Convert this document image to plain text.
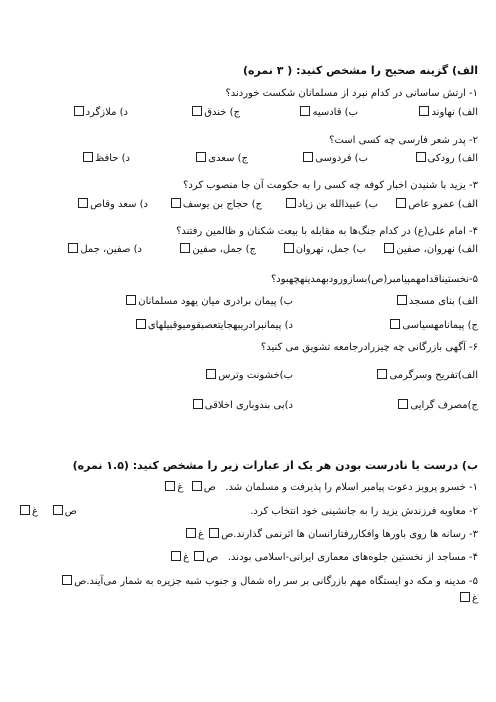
الف) گزینه صحیح را مشخص کنید: ( ۳ نمره)
۱- ارتش ساسانی در کدام نبرد از مسلمانان شکست خوردند؟
الف) نهاوند
ب) قادسیه
ج) خندق
د) ملازگرد
۲- پدر شعر فارسی چه کسی است؟
الف) رودکی
ب) فردوسی
ج) سعدی
د) حافظ
۳- یزید با شنیدن اخبار کوفه چه کسی را به حکومت آن جا منصوب کرد؟
الف) عمرو عاص
ب) عبیدالله بن زیاد
ج) حجاج بن یوسف
د) سعد وقاص
۴- امام علی(ع) در کدام جنگ‌ها به مقابله با بیعت شکنان و ظالمین رفتند؟
الف) نهروان، صفین
ب) جمل، نهروان
ج) جمل، صفین
د) صفین، جمل
۵-نخستیناقدامهمپیامبر(ص)بسازورودبهمدینهچهبود؟
الف) بنای مسجد
ب) پیمان برادری میان یهود مسلمانان
ج) پیمانامهسیاسی
د) پیمانبرادریبهجایتعصبقومیوقبیلهای
۶- آگهی بازرگانی چه چیزرادرجامعه تشویق می کنید؟
الف)تفریح وسرگرمی
ب)خشونت وترس
ج)مصرف گرایی
د)بی بندوباری اخلاقی
ب) درست یا نادرست بودن هر یک از عبارات زیر را مشخص کنید: (۱.۵ نمره)
۱- خسرو پرویز دعوت پیامبر اسلام را پذیرفت و مسلمان شد.   ص  غ
۲- معاویه فرزندش یزید را به جانشینی خود انتخاب کرد.
ص    غ
۳- رسانه ها روی باورها وافکاررفتارانسان ها اثرنمی گذارند.ص غ
۴- مساجد از نخستین جلوه‌های معماری ایرانی-اسلامی بودند.   ص غ
۵- مدینه و مکه دو ایستگاه مهم بازرگانی بر سر راه شمال و جنوب شبه جزیره به شمار می‌آیند.ص
غ
